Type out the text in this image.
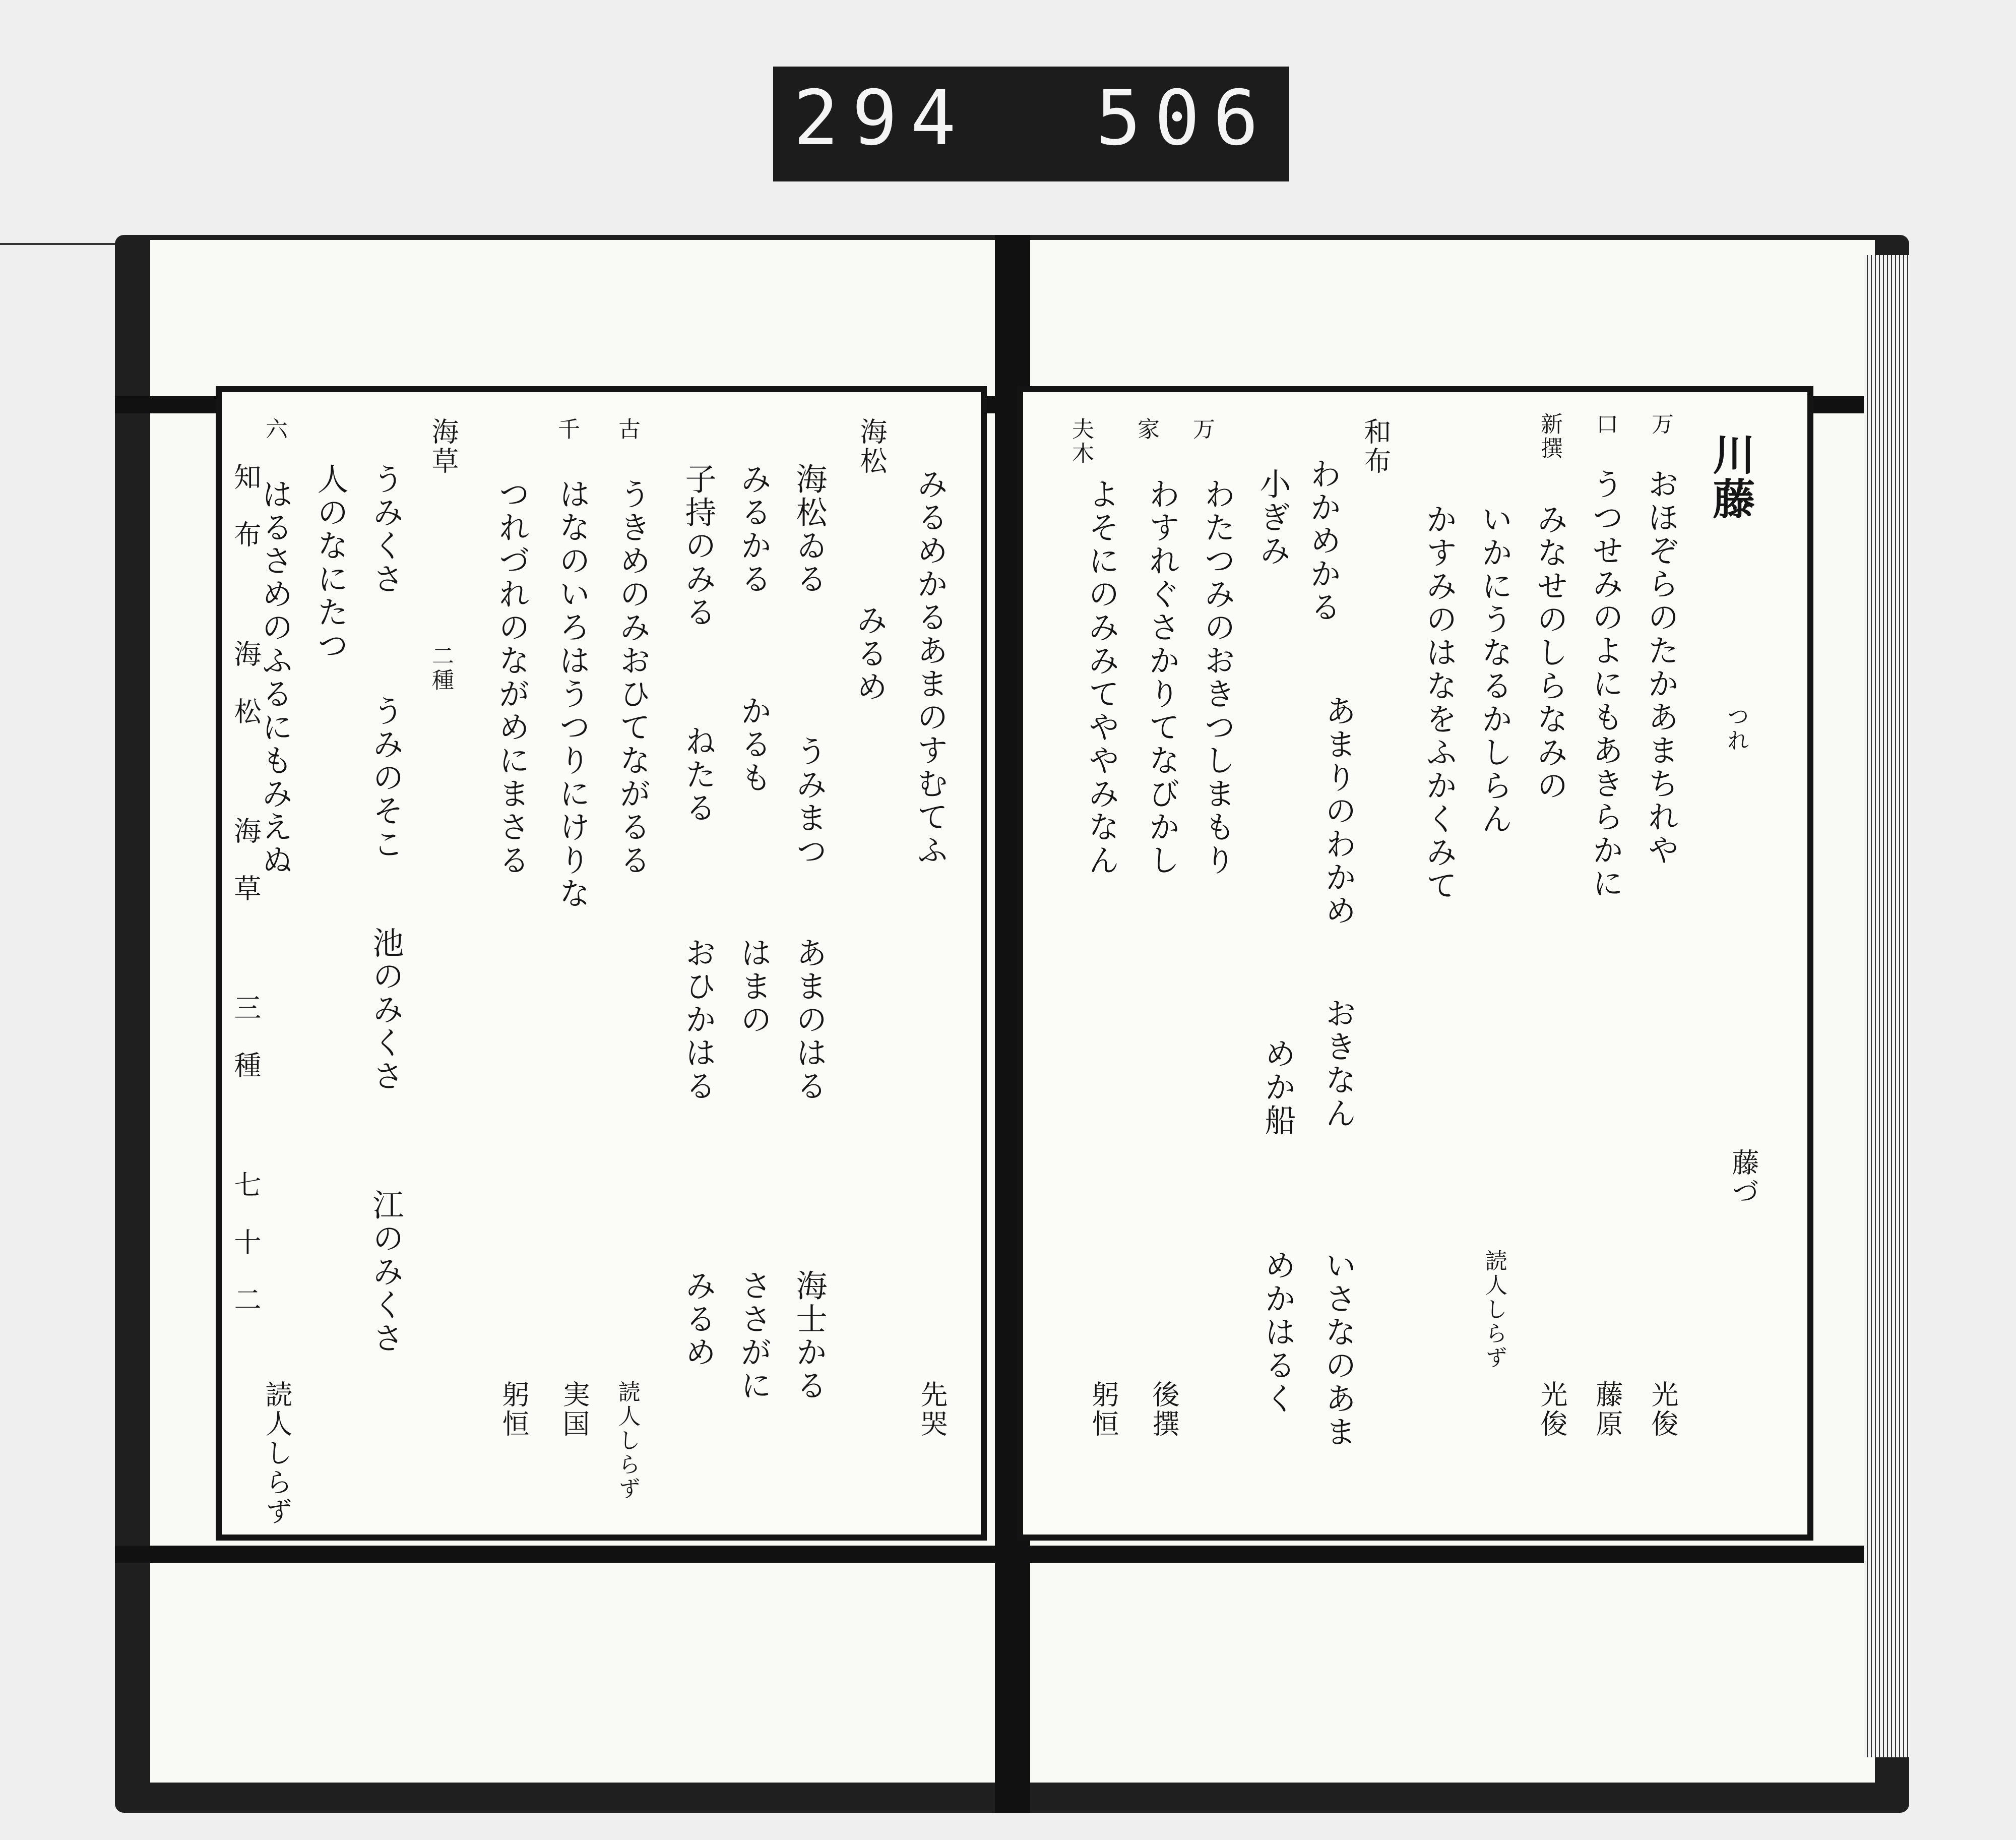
294 506
川藤
つれ
藤づ
万
おほぞらのたかあまちれや
口
うつせみのよにもあきらかに
新撰
みなせのしらなみの
いかにうなるかしらん
かすみのはなをふかくみて
和布
わかめかる
小ぎみ
あまりのわかめ
おきなん
めか船
いさなのあま
めかはるく
万
わたつみのおきつしまもり
家
わすれぐさかりてなびかし
夫木
よそにのみみてややみなん
光俊
藤原
光俊
読人しらず
後撰
躬恒
みるめかるあまのすむてふ
先哭
海松
みるめ
海松ゐる
うみまつ
みるかる
かるも
子持のみる
ねたる
あまのはる
はまの
おひかはる
海士かる
ささがに
みるめ
古
うきめのみおひてながるる
千
はなのいろはうつりにけりな
つれづれのながめにまさる
読人しらず
実国
躬恒
海草
二種
うみくさ
うみのそこ
池のみくさ
江のみくさ
人のなにたつ
六
はるさめのふるにもみえぬ
読人しらず
知布 海松 海草 三種 七十二
